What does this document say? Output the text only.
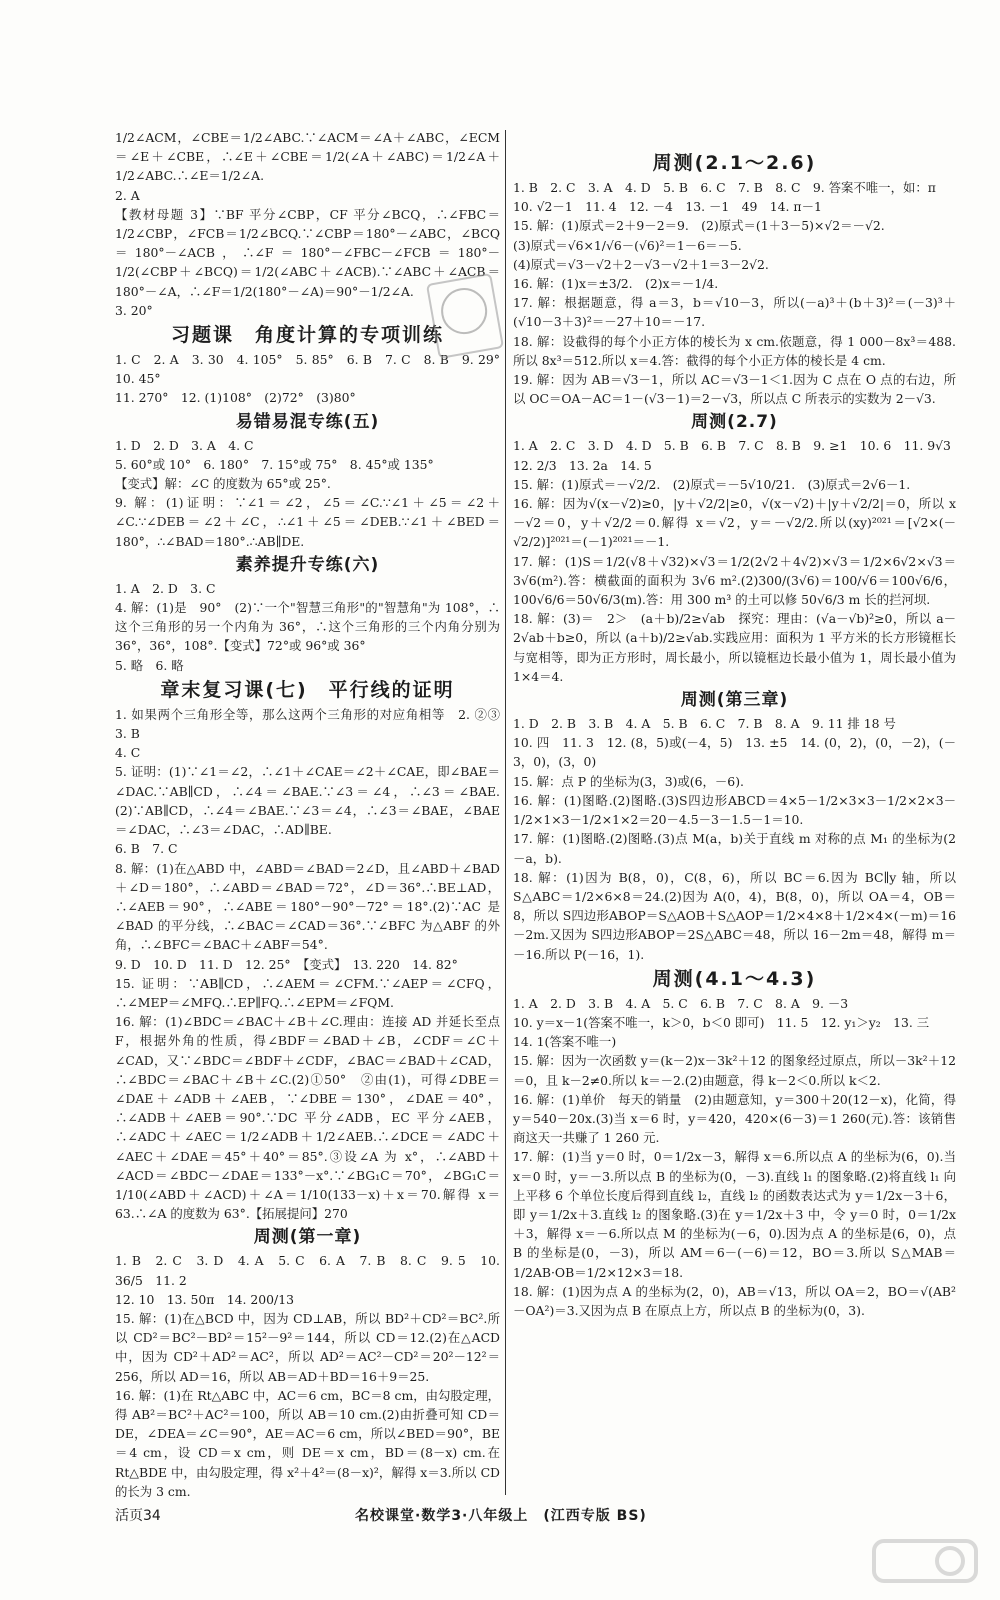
1/2∠ACM，∠CBE＝1/2∠ABC.∵∠ACM＝∠A＋∠ABC，∠ECM＝∠E＋∠CBE，∴∠E＋∠CBE＝1/2(∠A＋∠ABC)＝1/2∠A＋1/2∠ABC.∴∠E＝1/2∠A.
2. A
【教材母题 3】∵BF 平分∠CBP，CF 平分∠BCQ，∴∠FBC＝1/2∠CBP，∠FCB＝1/2∠BCQ.∵∠CBP＝180°－∠ABC，∠BCQ＝180°－∠ACB，∴∠F＝180°－∠FBC－∠FCB＝180°－1/2(∠CBP＋∠BCQ)＝1/2(∠ABC＋∠ACB).∵∠ABC＋∠ACB＝180°－∠A，∴∠F＝1/2(180°－∠A)＝90°－1/2∠A.
3. 20°
习题课　角度计算的专项训练
1. C　2. A　3. 30　4. 105°　5. 85°　6. B　7. C　8. B　9. 29°　10. 45°
11. 270°　12. (1)108°　(2)72°　(3)80°
易错易混专练(五)
1. D　2. D　3. A　4. C
5. 60°或 10°　6. 180°　7. 15°或 75°　8. 45°或 135°
【变式】解：∠C 的度数为 65°或 25°.
9. 解：(1)证明：∵∠1＝∠2，∠5＝∠C.∵∠1＋∠5＝∠2＋∠C.∵∠DEB＝∠2＋∠C，∴∠1＋∠5＝∠DEB.∵∠1＋∠BED＝180°，∴∠BAD＝180°.∴AB∥DE.
素养提升专练(六)
1. A　2. D　3. C
4. 解：(1)是　90°　(2)∵一个"智慧三角形"的"智慧角"为 108°，∴这个三角形的另一个内角为 36°，∴这个三角形的三个内角分别为 36°，36°，108°.【变式】72°或 96°或 36°
5. 略　6. 略
章末复习课(七)　平行线的证明
1. 如果两个三角形全等，那么这两个三角形的对应角相等　2. ②③　3. B
4. C
5. 证明：(1)∵∠1＝∠2，∴∠1＋∠CAE＝∠2＋∠CAE，即∠BAE＝∠DAC.∵AB∥CD，∴∠4＝∠BAE.∵∠3＝∠4，∴∠3＝∠BAE.(2)∵AB∥CD，∴∠4＝∠BAE.∵∠3＝∠4，∴∠3＝∠BAE，∠BAE＝∠DAC，∴∠3＝∠DAC，∴AD∥BE.
6. B　7. C
8. 解：(1)在△ABD 中，∠ABD＝∠BAD＝2∠D，且∠ABD＋∠BAD＋∠D＝180°，∴∠ABD＝∠BAD＝72°，∠D＝36°.∴BE⊥AD，∴∠AEB＝90°，∴∠ABE＝180°－90°－72°＝18°.(2)∵AC 是∠BAD 的平分线，∴∠BAC＝∠CAD＝36°.∵∠BFC 为△ABF 的外角，∴∠BFC＝∠BAC＋∠ABF＝54°.
9. D　10. D　11. D　12. 25°　【变式】　13. 220　14. 82°
15. 证明：∵AB∥CD，∴∠AEM＝∠CFM.∵∠AEP＝∠CFQ，∴∠MEP＝∠MFQ.∴EP∥FQ.∴∠EPM＝∠FQM.
16. 解：(1)∠BDC＝∠BAC＋∠B＋∠C.理由：连接 AD 并延长至点 F，根据外角的性质，得∠BDF＝∠BAD＋∠B，∠CDF＝∠C＋∠CAD，又∵∠BDC＝∠BDF＋∠CDF，∠BAC＝∠BAD＋∠CAD，∴∠BDC＝∠BAC＋∠B＋∠C.(2)①50°　②由(1)，可得∠DBE＝∠DAE＋∠ADB＋∠AEB，∵∠DBE＝130°，∠DAE＝40°，∴∠ADB＋∠AEB＝90°.∵DC 平分∠ADB，EC 平分∠AEB，∴∠ADC＋∠AEC＝1/2∠ADB＋1/2∠AEB.∴∠DCE＝∠ADC＋∠AEC＋∠DAE＝45°＋40°＝85°.③设∠A 为 x°，∴∠ABD＋∠ACD＝∠BDC－∠DAE＝133°－x°.∵∠BG₁C＝70°，∠BG₁C＝1/10(∠ABD＋∠ACD)＋∠A＝1/10(133－x)＋x＝70.解得 x＝63.∴∠A 的度数为 63°.【拓展提问】270
周测(第一章)
1. B　2. C　3. D　4. A　5. C　6. A　7. B　8. C　9. 5　10. 36/5　11. 2
12. 10　13. 50π　14. 200/13
15. 解：(1)在△BCD 中，因为 CD⊥AB，所以 BD²＋CD²＝BC².所以 CD²＝BC²－BD²＝15²－9²＝144，所以 CD＝12.(2)在△ACD 中，因为 CD²＋AD²＝AC²，所以 AD²＝AC²－CD²＝20²－12²＝256，所以 AD＝16，所以 AB＝AD＋BD＝16＋9＝25.
16. 解：(1)在 Rt△ABC 中，AC＝6 cm，BC＝8 cm，由勾股定理，得 AB²＝BC²＋AC²＝100，所以 AB＝10 cm.(2)由折叠可知 CD＝DE，∠DEA＝∠C＝90°，AE＝AC＝6 cm，所以∠BED＝90°，BE＝4 cm，设 CD＝x cm，则 DE＝x cm，BD＝(8－x) cm.在 Rt△BDE 中，由勾股定理，得 x²＋4²＝(8－x)²，解得 x＝3.所以 CD 的长为 3 cm.
周测(2.1～2.6)
1. B　2. C　3. A　4. D　5. B　6. C　7. B　8. C　9. 答案不唯一，如：π
10. √2－1　11. 4　12. －4　13. －1　49　14. π－1
15. 解：(1)原式＝2＋9－2＝9.　(2)原式＝(1＋3－5)×√2＝－√2.
(3)原式＝√6×1/√6－(√6)²＝1－6＝－5.
(4)原式＝√3－√2＋2－√3－√2＋1＝3－2√2.
16. 解：(1)x＝±3/2.　(2)x＝－1/4.
17. 解：根据题意，得 a＝3，b＝√10－3，所以(－a)³＋(b＋3)²＝(－3)³＋(√10－3＋3)²＝－27＋10＝－17.
18. 解：设截得的每个小正方体的棱长为 x cm.依题意，得 1 000－8x³＝488.所以 8x³＝512.所以 x＝4.答：截得的每个小正方体的棱长是 4 cm.
19. 解：因为 AB＝√3－1，所以 AC＝√3－1＜1.因为 C 点在 O 点的右边，所以 OC＝OA－AC＝1－(√3－1)＝2－√3，所以点 C 所表示的实数为 2－√3.
周测(2.7)
1. A　2. C　3. D　4. D　5. B　6. B　7. C　8. B　9. ≥1　10. 6　11. 9√3
12. 2/3　13. 2a　14. 5
15. 解：(1)原式＝－√2/2.　(2)原式＝－5√10/21.　(3)原式＝2√6－1.
16. 解：因为√(x－√2)≥0，|y＋√2/2|≥0，√(x－√2)＋|y＋√2/2|＝0，所以 x－√2＝0，y＋√2/2＝0.解得 x＝√2，y＝－√2/2.所以(xy)²⁰²¹＝[√2×(－√2/2)]²⁰²¹＝(－1)²⁰²¹＝－1.
17. 解：(1)S＝1/2(√8＋√32)×√3＝1/2(2√2＋4√2)×√3＝1/2×6√2×√3＝3√6(m²).答：横截面的面积为 3√6 m².(2)300/(3√6)＝100/√6＝100√6/6，100√6/6＝50√6/3(m).答：用 300 m³ 的土可以修 50√6/3 m 长的拦河坝.
18. 解：(3)＝　2＞　(a＋b)/2≥√ab　探究：理由：(√a－√b)²≥0，所以 a－2√ab＋b≥0，所以 (a＋b)/2≥√ab.实践应用：面积为 1 平方米的长方形镜框长与宽相等，即为正方形时，周长最小，所以镜框边长最小值为 1，周长最小值为 1×4＝4.
周测(第三章)
1. D　2. B　3. B　4. A　5. B　6. C　7. B　8. A　9. 11 排 18 号
10. 四　11. 3　12. (8，5)或(－4，5)　13. ±5　14. (0，2)，(0，－2)，(－3，0)，(3，0)
15. 解：点 P 的坐标为(3，3)或(6，－6).
16. 解：(1)图略.(2)图略.(3)S四边形ABCD＝4×5－1/2×3×3－1/2×2×3－1/2×1×3－1/2×1×2＝20－4.5－3－1.5－1＝10.
17. 解：(1)图略.(2)图略.(3)点 M(a，b)关于直线 m 对称的点 M₁ 的坐标为(2－a，b).
18. 解：(1)因为 B(8，0)，C(8，6)，所以 BC＝6.因为 BC∥y 轴，所以 S△ABC＝1/2×6×8＝24.(2)因为 A(0，4)，B(8，0)，所以 OA＝4，OB＝8，所以 S四边形ABOP＝S△AOB＋S△AOP＝1/2×4×8＋1/2×4×(－m)＝16－2m.又因为 S四边形ABOP＝2S△ABC＝48，所以 16－2m＝48，解得 m＝－16.所以 P(－16，1).
周测(4.1～4.3)
1. A　2. D　3. B　4. A　5. C　6. B　7. C　8. A　9. －3
10. y＝x－1(答案不唯一，k＞0，b＜0 即可)　11. 5　12. y₁＞y₂　13. 三
14. 1(答案不唯一)
15. 解：因为一次函数 y＝(k－2)x－3k²＋12 的图象经过原点，所以－3k²＋12＝0，且 k－2≠0.所以 k＝－2.(2)由题意，得 k－2＜0.所以 k＜2.
16. 解：(1)单价　每天的销量　(2)由题意知，y＝300＋20(12－x)，化简，得 y＝540－20x.(3)当 x＝6 时，y＝420，420×(6－3)＝1 260(元).答：该销售商这天一共赚了 1 260 元.
17. 解：(1)当 y＝0 时，0＝1/2x－3，解得 x＝6.所以点 A 的坐标为(6，0).当 x＝0 时，y＝－3.所以点 B 的坐标为(0，－3).直线 l₁ 的图象略.(2)将直线 l₁ 向上平移 6 个单位长度后得到直线 l₂，直线 l₂ 的函数表达式为 y＝1/2x－3＋6，即 y＝1/2x＋3.直线 l₂ 的图象略.(3)在 y＝1/2x＋3 中，令 y＝0 时，0＝1/2x＋3，解得 x＝－6.所以点 M 的坐标为(－6，0).因为点 A 的坐标是(6，0)，点 B 的坐标是(0，－3)，所以 AM＝6－(－6)＝12，BO＝3.所以 S△MAB＝1/2AB·OB＝1/2×12×3＝18.
18. 解：(1)因为点 A 的坐标为(2，0)，AB＝√13，所以 OA＝2，BO＝√(AB²－OA²)＝3.又因为点 B 在原点上方，所以点 B 的坐标为(0，3).
活页34	名校课堂·数学3·八年级上　(江西专版 BS)
